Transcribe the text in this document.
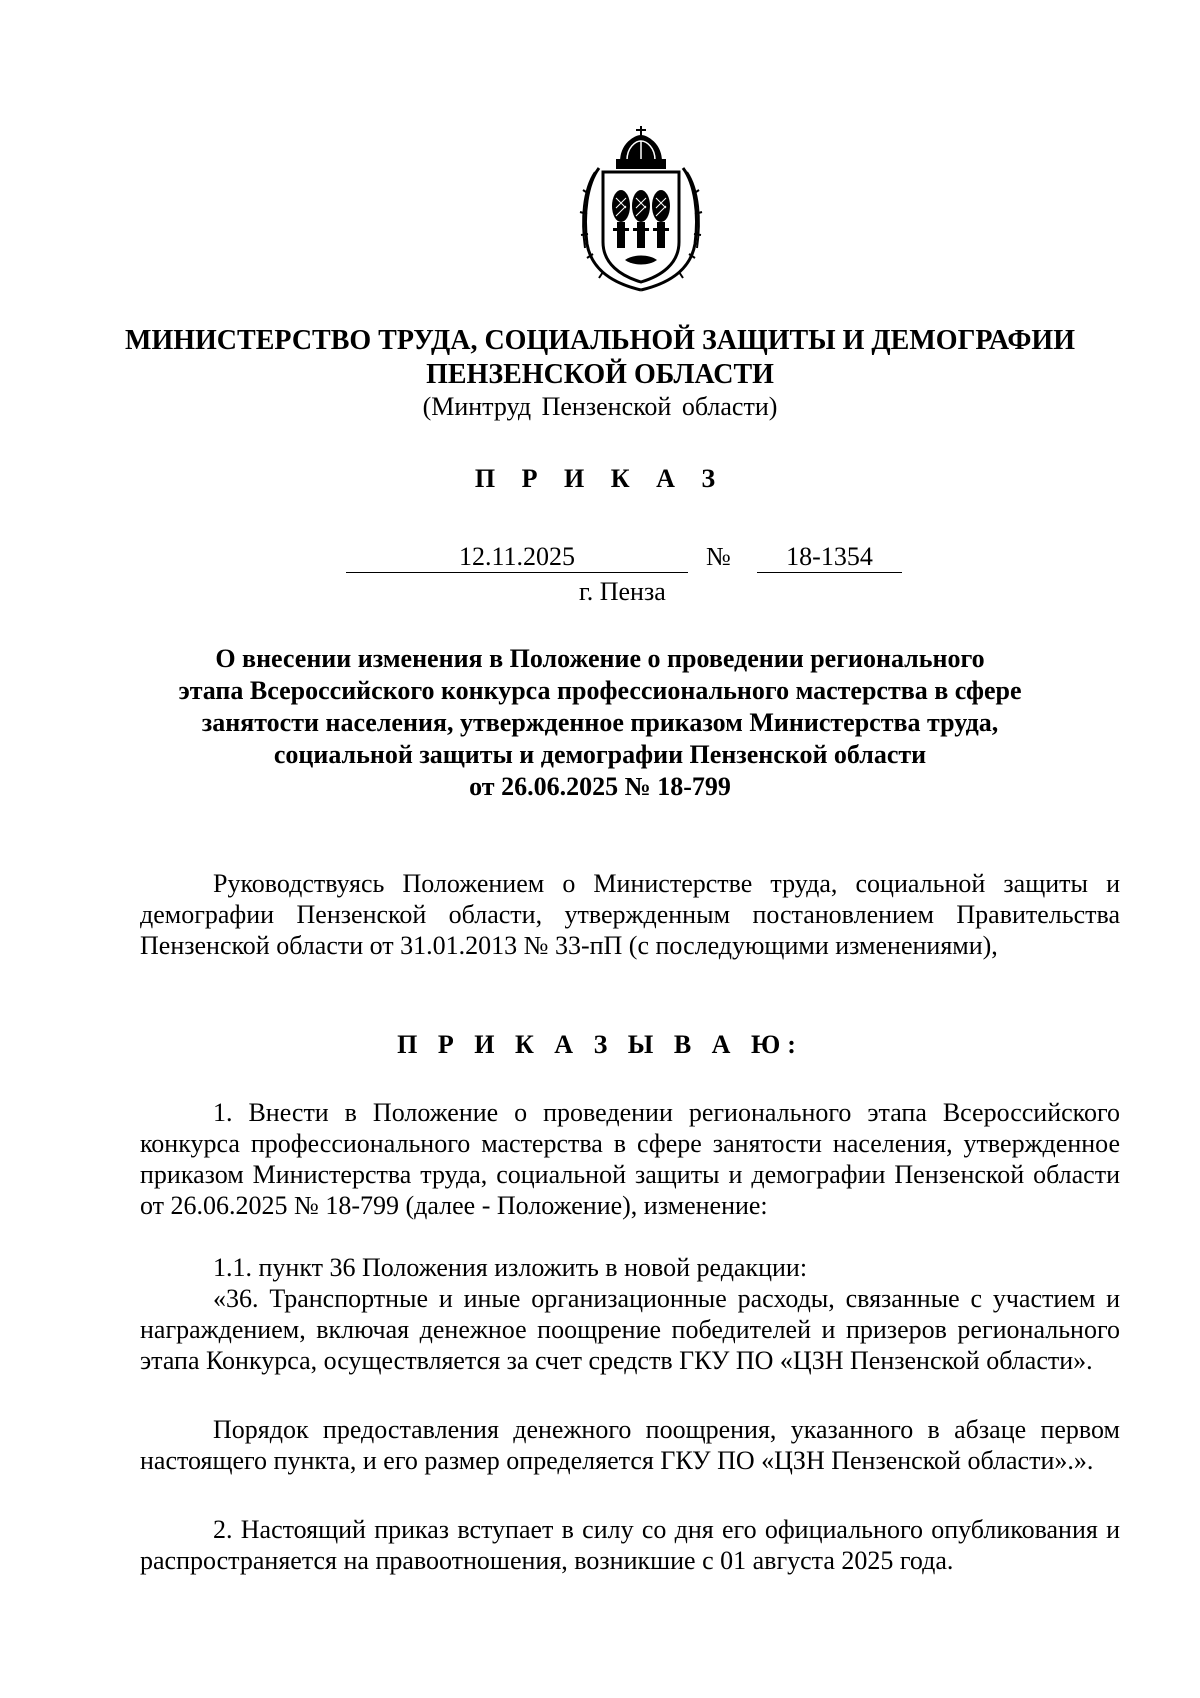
МИНИСТЕРСТВО ТРУДА, СОЦИАЛЬНОЙ ЗАЩИТЫ И ДЕМОГРАФИИ
ПЕНЗЕНСКОЙ ОБЛАСТИ
(Минтруд Пензенской области)
П Р И К А З
12.11.2025	№	18-1354
г. Пенза
О внесении изменения в Положение о проведении регионального
этапа Всероссийского конкурса профессионального мастерства в сфере
занятости населения, утвержденное приказом Министерства труда,
социальной защиты и демографии Пензенской области
от 26.06.2025 № 18-799
Руководствуясь Положением о Министерстве труда, социальной защиты и демографии Пензенской области, утвержденным постановлением Правительства Пензенской области от 31.01.2013 № 33-пП (с последующими изменениями),
П Р И К А З Ы В А Ю:
1. Внести в Положение о проведении регионального этапа Всероссийского конкурса профессионального мастерства в сфере занятости населения, утвержденное приказом Министерства труда, социальной защиты и демографии Пензенской области от 26.06.2025 № 18-799 (далее - Положение), изменение:
1.1. пункт 36 Положения изложить в новой редакции:
«36. Транспортные и иные организационные расходы, связанные с участием и награждением, включая денежное поощрение победителей и призеров регионального этапа Конкурса, осуществляется за счет средств ГКУ ПО «ЦЗН Пензенской области».
Порядок предоставления денежного поощрения, указанного в абзаце первом настоящего пункта, и его размер определяется ГКУ ПО «ЦЗН Пензенской области».».
2. Настоящий приказ вступает в силу со дня его официального опубликования и распространяется на правоотношения, возникшие с 01 августа 2025 года.
